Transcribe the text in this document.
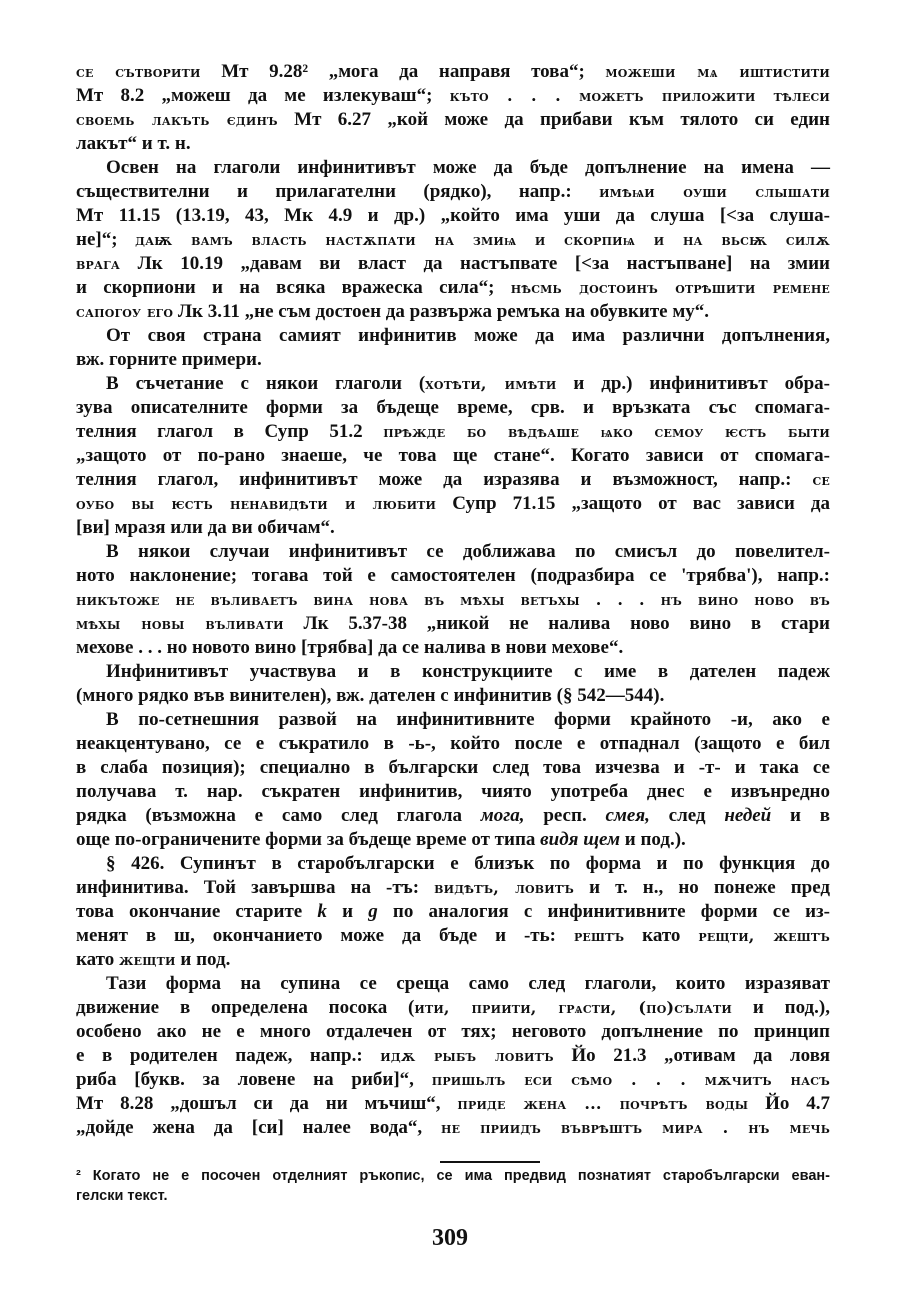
се сътворити Мт 9.28² „мога да направя това“; можеши мѧ иштистити
Мт 8.2 „можеш да ме излекуваш“; къто . . . можетъ приложити тѣлеси
своемь лакъть єдинъ Мт 6.27 „кой може да прибави към тялото си един
лакът“ и т. н.
Освен на глаголи инфинитивът може да бъде допълнение на имена —
съществителни и прилагателни (рядко), напр.: имѣѩи оуши слышати
Мт 11.15 (13.19, 43, Мк 4.9 и др.) „който има уши да слуша [<за слуша-
не]“; даѭ вамъ власть настѫпати на змиѩ и скорпиѩ и на вьсѭ силѫ
врага Лк 10.19 „давам ви власт да настъпвате [<за настъпване] на змии
и скорпиони и на всяка вражеска сила“; нѣсмь достоинъ отрѣшити ремене
сапогоу его Лк 3.11 „не съм достоен да развържа ремъка на обувките му“.
От своя страна самият инфинитив може да има различни допълнения,
вж. горните примери.
В съчетание с някои глаголи (хотѣти, имѣти и др.) инфинитивът обра-
зува описателните форми за бъдеще време, срв. и връзката със спомага-
телния глагол в Супр 51.2 прѣжде бо вѣдѣаше ѩко семоу ѥстъ быти
„защото от по-рано знаеше, че това ще стане“. Когато зависи от спомага-
телния глагол, инфинитивът може да изразява и възможност, напр.: се
оубо вы ѥстъ ненавидѣти и любити Супр 71.15 „защото от вас зависи да
[ви] мразя или да ви обичам“.
В някои случаи инфинитивът се доближава по смисъл до повелител-
ното наклонение; тогава той е самостоятелен (подразбира се 'трябва'), напр.:
никътоже не въливаетъ вина нова въ мѣхы ветъхы . . . нъ вино ново въ
мѣхы новы въливати Лк 5.37-38 „никой не налива ново вино в стари
мехове . . . но новото вино [трябва] да се налива в нови мехове“.
Инфинитивът участвува и в конструкциите с име в дателен падеж
(много рядко във винителен), вж. дателен с инфинитив (§ 542—544).
В по-сетнешния развой на инфинитивните форми крайното -и, ако е
неакцентувано, се е съкратило в -ь-, който после е отпаднал (защото е бил
в слаба позиция); специално в български след това изчезва и -т- и така се
получава т. нар. съкратен инфинитив, чиято употреба днес е извънредно
рядка (възможна е само след глагола мога, респ. смея, след недей и в
още по-ограничените форми за бъдеще време от типа видя щем и под.).
§ 426. Супинът в старобългарски е близък по форма и по функция до
инфинитива. Той завършва на -тъ: видѣтъ, ловитъ и т. н., но понеже пред
това окончание старите k и g по аналогия с инфинитивните форми се из-
менят в ш, окончанието може да бъде и -ть: рештъ като рещти, жештъ
като жещти и под.
Тази форма на супина се среща само след глаголи, които изразяват
движение в определена посока (ити, приити, грѧсти, (по)сълати и под.),
особено ако не е много отдалечен от тях; неговото допълнение по принцип
е в родителен падеж, напр.: идѫ рыбъ ловитъ Йо 21.3 „отивам да ловя
риба [букв. за ловене на риби]“, пришьлъ еси сѣмо . . . мѫчитъ насъ
Мт 8.28 „дошъл си да ни мъчиш“, приде жена ... почрѣтъ воды Йо 4.7
„дойде жена да [си] налее вода“, не приидъ въврѣштъ мира . нъ мечь
² Когато не е посочен отделният ръкопис, се има предвид познатият старобългарски еван-
гелски текст.
309
